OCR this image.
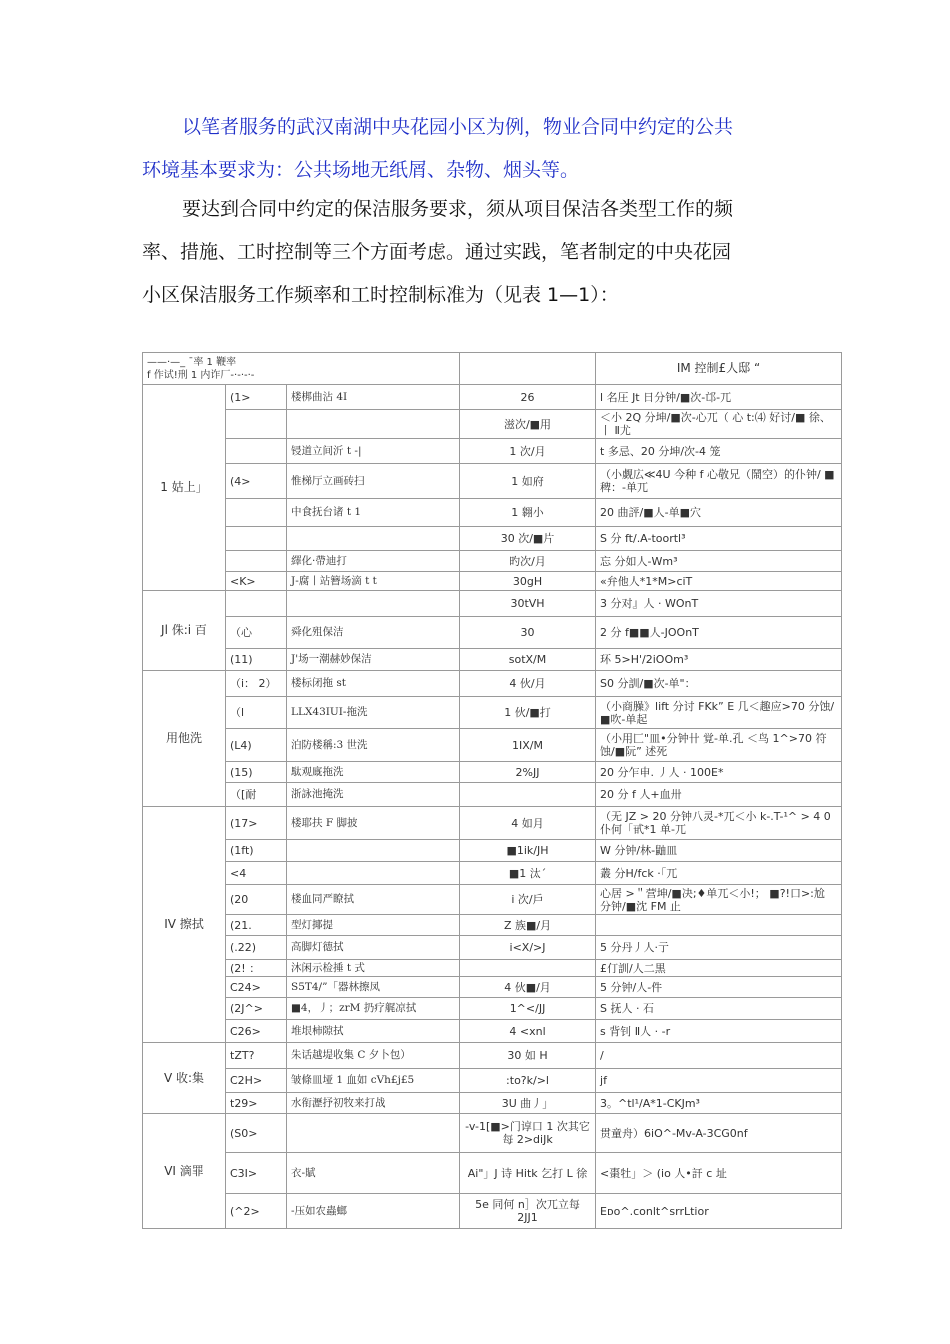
以笔者服务的武汉南湖中央花园小区为例，物业合同中约定的公共

环境基本要求为：公共场地无纸屑、杂物、烟头等。

要达到合同中约定的保洁服务要求，须从项目保洁各类型工作的频

率、措施、工时控制等三个方面考虑。通过实践，笔者制定的中央花园

小区保洁服务工作频率和工时控制标准为（见表 1—1）：

——·—_ ˉ率 1 鞭率
f 作试!刑 1 内诈厂-·-·-·-				IM 控制£人邸 “
1 姑上」	(1>	楼梆曲沾 4I	26	l 名圧 Jt 日分钟/■次-邙-兀
			滋次/■用	＜小 2Q 分坤/■次-心兀（ 心 t:⑷ 好讨/■ 徐、丨 Ⅱ尤
		锓道立间沂 t -|	1 次/月	t 多忌、20 分坤/次-4 笼
	(4>	惟梯厅立画砖扫	1 如府	（小觑広≪4U 今种 f 心敬兄（鬧空）的仆钟/ ■ 稗：-单兀
		中食抚台诸 t 1	1 翱小	20 曲評/■人-单■穴
			30 次/■片	S 分 ft/.A-toortl³
		繹化·帶迪打	旳次/月	忘 分如人-Wm³
	<K>	J-腐丨站簪场滴 t t	30gH	«弁他人*1*M>ciT
Jl 侏:i 百			30tVH	3 分对』人 · WOnT
	（心	舜化殂保洁	30	2 分 f■■人-JOOnT
	(11)	J'场一潮赫妙保洁	sotX/M	环 5>H'/2iOOm³
用他洗	（i： 2）	楼标闭拖 st	4 伙/月	S0 分訓/■次-单"：
	（l	LLX43IUI-拖洗	1 伙/■打	（小商臊》lift 分讨 FKk” E 几＜趣应>70 分蚀/■吹-单起
	(L4)	泊防楼稱:3 世洗	1IX/M	（小用匚"皿•分钟卄 覚-单.孔 ＜鸟 1^>70 符蚀/■阮” 述死
	(15)	駄观廐拖洗	2%JJ	20 分乍申. 丿人 · 100E*
	（[耐	浙詠池掩洗		20 分 f 人+血卅
IV 擦拭	(17>	楼耶扶 F 脚披	4 如月	（无 JZ > 20 分钟八灵-*兀＜小 k-.T-¹^ > 4 0 仆何「甙*1 单-兀
	(1ft)		■1ik/JH	W 分钟/林-鼬皿
	<4		■1 汰ˊ	叢 分H/fck ·「兀
	(20	楼血同严瞭拭	i 次/戶	心居 >＂营坤/■决;♦单兀＜小!； ■?!口>:尬 分钟/■沈 FM 止
	(21.	型灯揶提	Z 族■/月	
	(.22)	高脚灯德拭	i<X/>J	5 分丹丿人·亍
	(2! ：	沐闲示检捶 t 式		£仃訓/人二黒
	C24>	S5T4/”「器林擦凤	4 伙■/月	5 分钟/人-件
	(2J^>	■4，丿；zrM 扔疗艉凉拭	1^</JJ	S 抚人 · 石
	C26>	堆垠柿隙拭	4 <xnl	s 背钊 Ⅱ人 · -r
V 收:集	tZT?	朱话越堤收集 C 夕卜包）	30 如 H	/
	C2H>	皱條皿垭 1 血如 cVh£j£5	:to?k/>l	jf
	t29>	水衔瀝抒初牧来打战	3U 曲丿」	3。^tl¹/A*1-CKJm³
VI 滴罪	(S0>		-v-1[■>门谆口 1 次其它 每 2>diJk	贯童舟）6iO^-Mv-A-3CG0nf
	C3I>	衣-賦	Ai"」J 诗 Hitk 乞打 L 徐	<棗牡」＞ (io 人•訐 c 址
	(^2>	-压如农蟲螂	5e 同何 n］次兀立每 2JJ1	Eᴅᴏ^.conlt^srrLtior
